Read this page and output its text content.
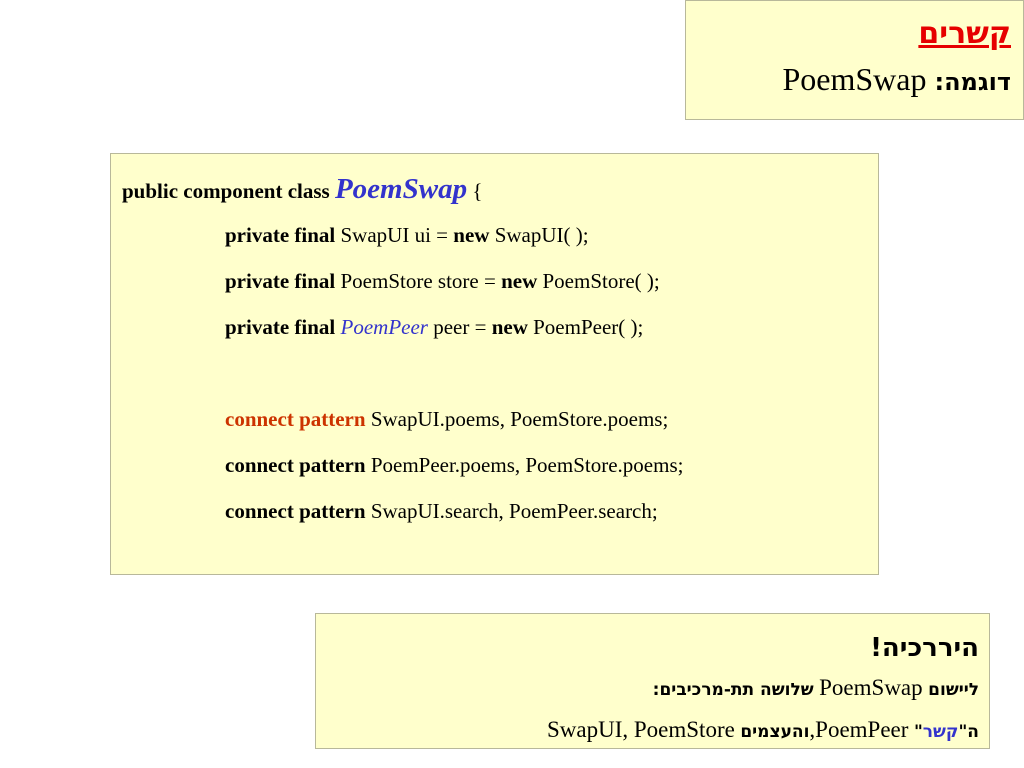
קשרים
דוגמה: PoemSwap
public component class PoemSwap {
private final SwapUI ui = new SwapUI( );
private final PoemStore store = new PoemStore( );
private final PoemPeer peer = new PoemPeer( );
connect pattern SwapUI.poems, PoemStore.poems;
connect pattern PoemPeer.poems, PoemStore.poems;
connect pattern SwapUI.search, PoemPeer.search;
היררכיה!
ליישום PoemSwap שלושה תת-מרכיבים:
ה"קשר" PoemPeer,והעצמים SwapUI, PoemStore
